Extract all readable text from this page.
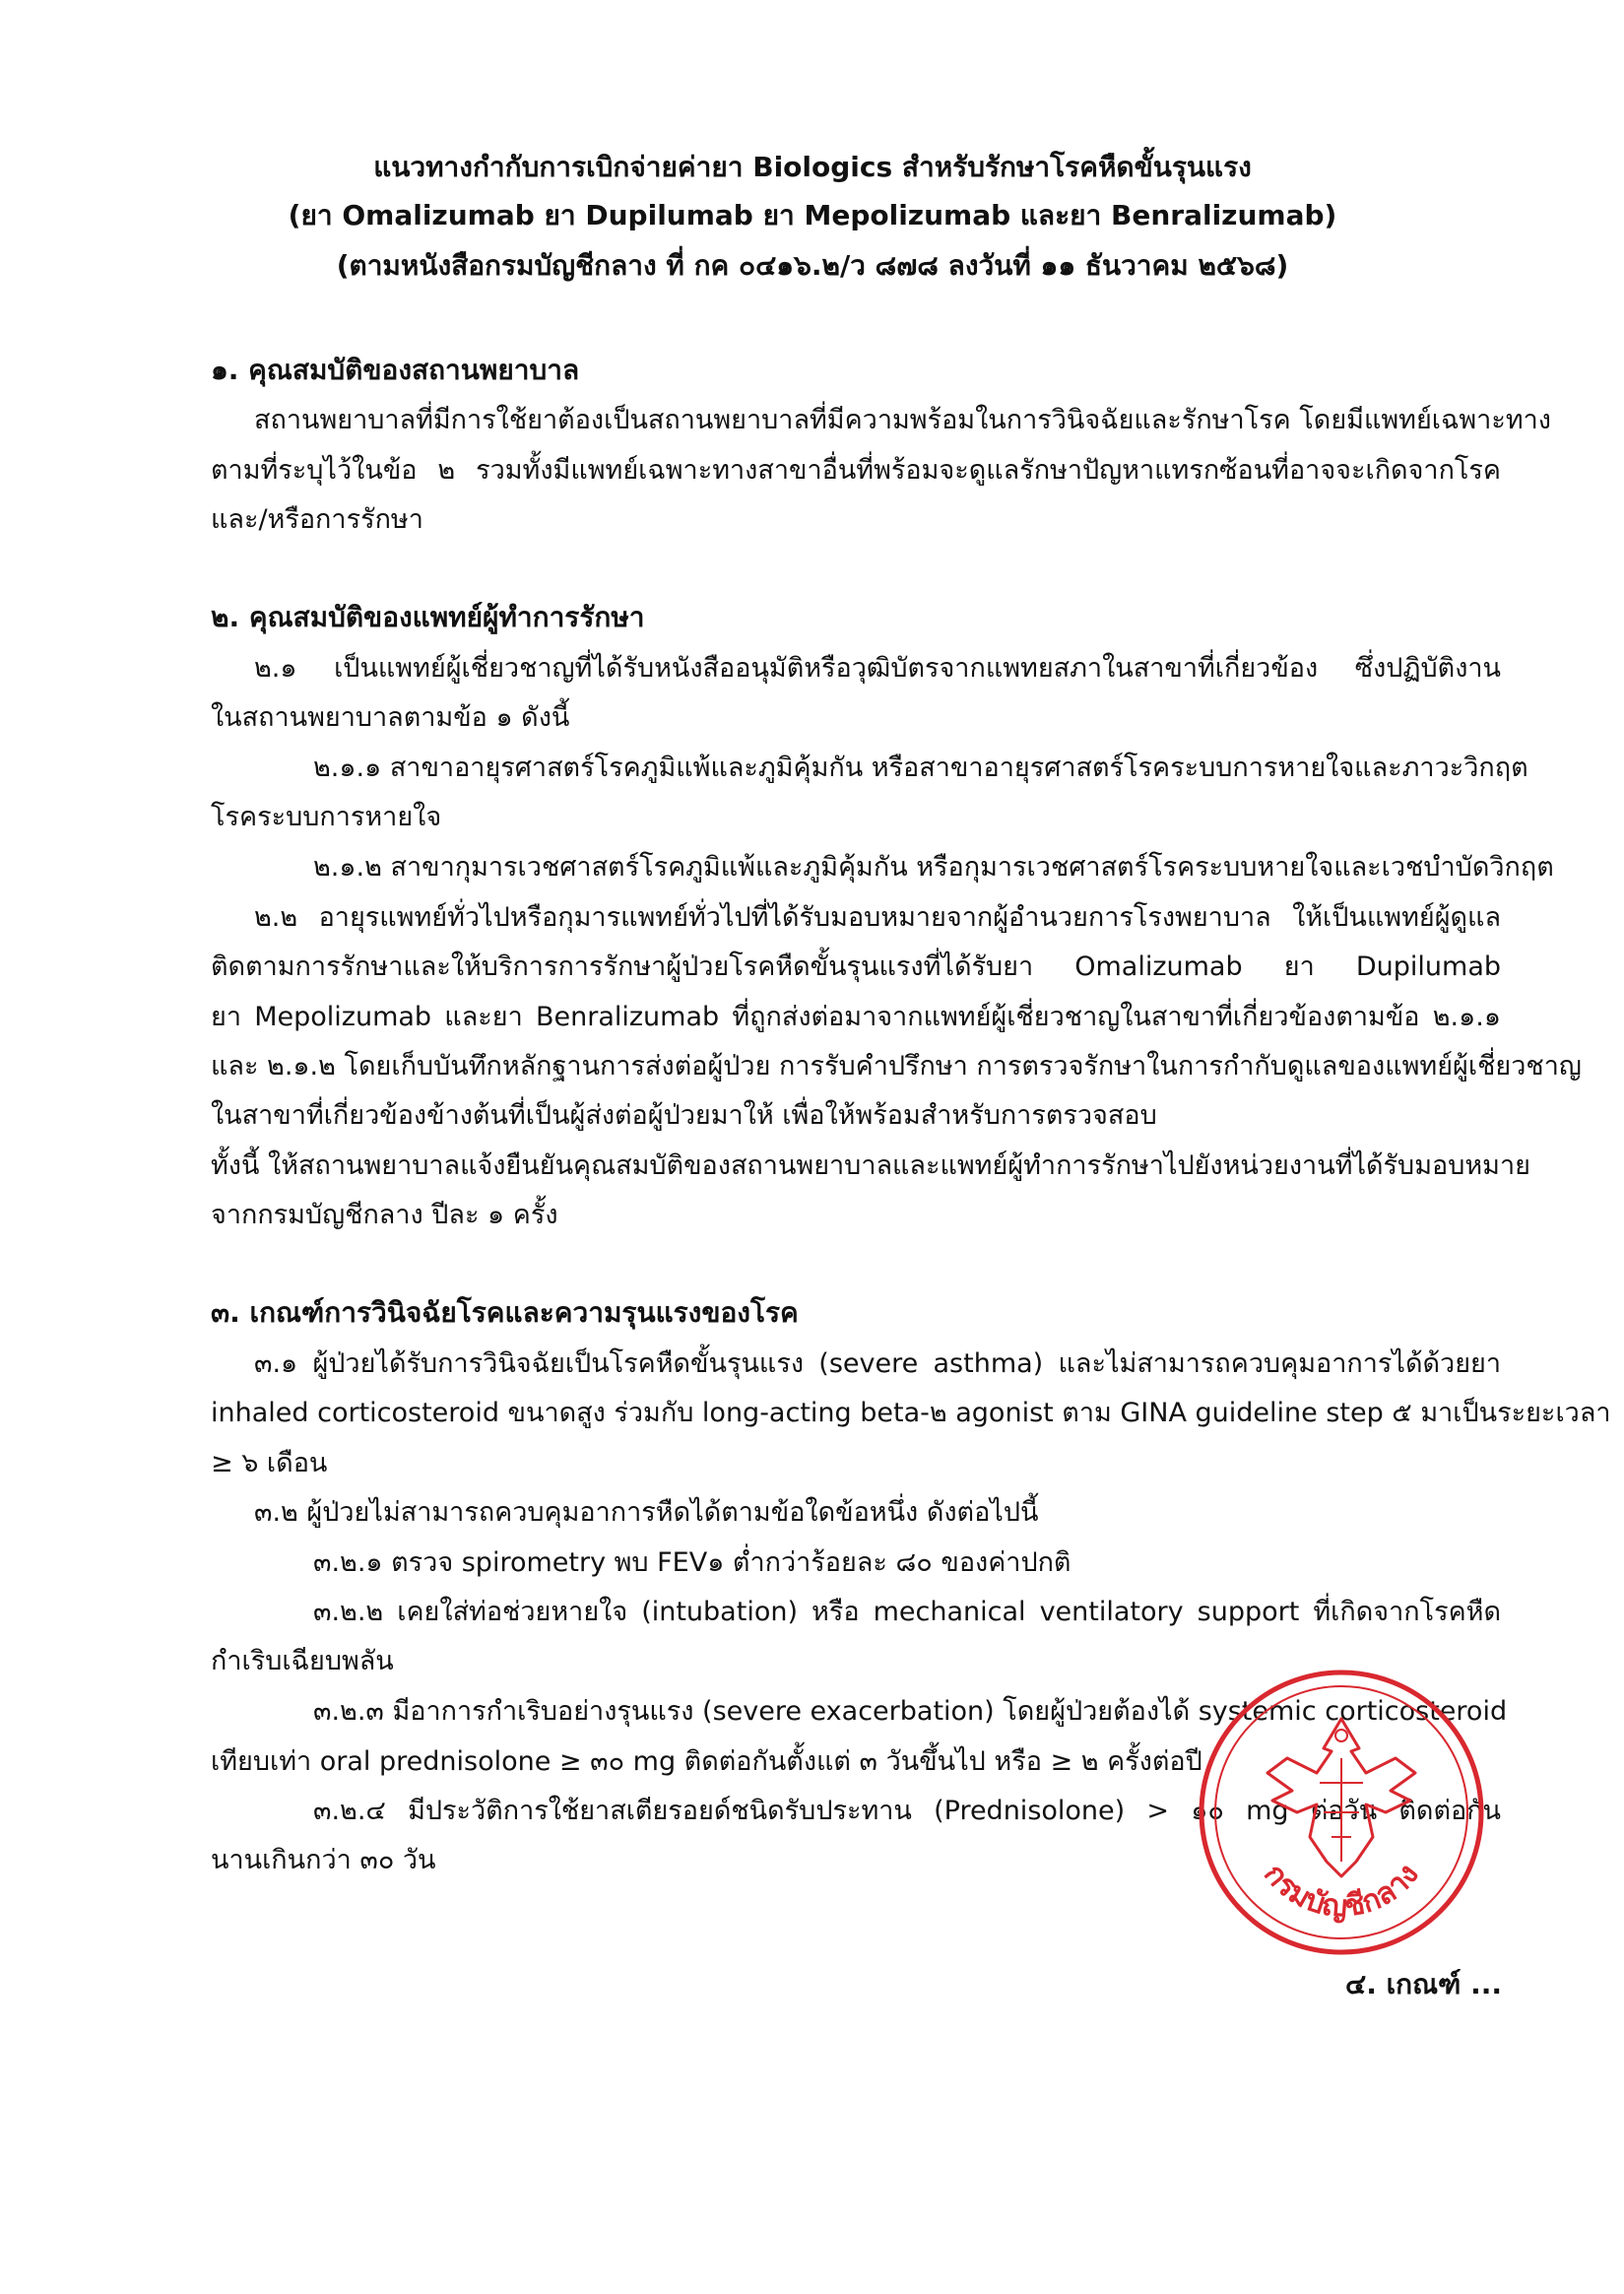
แนวทางกำกับการเบิกจ่ายค่ายา Biologics สำหรับรักษาโรคหืดขั้นรุนแรง
(ยา Omalizumab ยา Dupilumab ยา Mepolizumab และยา Benralizumab)
(ตามหนังสือกรมบัญชีกลาง ที่ กค ๐๔๑๖.๒/ว ๘๗๘ ลงวันที่ ๑๑ ธันวาคม ๒๕๖๘)
๑. คุณสมบัติของสถานพยาบาล
สถานพยาบาลที่มีการใช้ยาต้องเป็นสถานพยาบาลที่มีความพร้อมในการวินิจฉัยและรักษาโรค โดยมีแพทย์เฉพาะทาง
ตามที่ระบุไว้ในข้อ ๒ รวมทั้งมีแพทย์เฉพาะทางสาขาอื่นที่พร้อมจะดูแลรักษาปัญหาแทรกซ้อนที่อาจจะเกิดจากโรค
และ/หรือการรักษา
๒. คุณสมบัติของแพทย์ผู้ทำการรักษา
๒.๑ เป็นแพทย์ผู้เชี่ยวชาญที่ได้รับหนังสืออนุมัติหรือวุฒิบัตรจากแพทยสภาในสาขาที่เกี่ยวข้อง ซึ่งปฏิบัติงาน
ในสถานพยาบาลตามข้อ ๑ ดังนี้
๒.๑.๑ สาขาอายุรศาสตร์โรคภูมิแพ้และภูมิคุ้มกัน หรือสาขาอายุรศาสตร์โรคระบบการหายใจและภาวะวิกฤต
โรคระบบการหายใจ
๒.๑.๒ สาขากุมารเวชศาสตร์โรคภูมิแพ้และภูมิคุ้มกัน หรือกุมารเวชศาสตร์โรคระบบหายใจและเวชบำบัดวิกฤต
๒.๒ อายุรแพทย์ทั่วไปหรือกุมารแพทย์ทั่วไปที่ได้รับมอบหมายจากผู้อำนวยการโรงพยาบาล ให้เป็นแพทย์ผู้ดูแล
ติดตามการรักษาและให้บริการการรักษาผู้ป่วยโรคหืดขั้นรุนแรงที่ได้รับยา Omalizumab ยา Dupilumab
ยา Mepolizumab และยา Benralizumab ที่ถูกส่งต่อมาจากแพทย์ผู้เชี่ยวชาญในสาขาที่เกี่ยวข้องตามข้อ ๒.๑.๑
และ ๒.๑.๒ โดยเก็บบันทึกหลักฐานการส่งต่อผู้ป่วย การรับคำปรึกษา การตรวจรักษาในการกำกับดูแลของแพทย์ผู้เชี่ยวชาญ
ในสาขาที่เกี่ยวข้องข้างต้นที่เป็นผู้ส่งต่อผู้ป่วยมาให้ เพื่อให้พร้อมสำหรับการตรวจสอบ
ทั้งนี้ ให้สถานพยาบาลแจ้งยืนยันคุณสมบัติของสถานพยาบาลและแพทย์ผู้ทำการรักษาไปยังหน่วยงานที่ได้รับมอบหมาย
จากกรมบัญชีกลาง ปีละ ๑ ครั้ง
๓. เกณฑ์การวินิจฉัยโรคและความรุนแรงของโรค
๓.๑ ผู้ป่วยได้รับการวินิจฉัยเป็นโรคหืดขั้นรุนแรง (severe asthma) และไม่สามารถควบคุมอาการได้ด้วยยา
inhaled corticosteroid ขนาดสูง ร่วมกับ long-acting beta-๒ agonist ตาม GINA guideline step ๕ มาเป็นระยะเวลา
≥ ๖ เดือน
๓.๒ ผู้ป่วยไม่สามารถควบคุมอาการหืดได้ตามข้อใดข้อหนึ่ง ดังต่อไปนี้
๓.๒.๑ ตรวจ spirometry พบ FEV๑ ต่ำกว่าร้อยละ ๘๐ ของค่าปกติ
๓.๒.๒ เคยใส่ท่อช่วยหายใจ (intubation) หรือ mechanical ventilatory support ที่เกิดจากโรคหืด
กำเริบเฉียบพลัน
๓.๒.๓ มีอาการกำเริบอย่างรุนแรง (severe exacerbation) โดยผู้ป่วยต้องได้ systemic corticosteroid
เทียบเท่า oral prednisolone ≥ ๓๐ mg ติดต่อกันตั้งแต่ ๓ วันขึ้นไป หรือ ≥ ๒ ครั้งต่อปี
๓.๒.๔ มีประวัติการใช้ยาสเตียรอยด์ชนิดรับประทาน (Prednisolone) > ๑๐ mg ต่อวัน ติดต่อกัน
นานเกินกว่า ๓๐ วัน	กรมบัญชีกลาง
๔. เกณฑ์ ...
